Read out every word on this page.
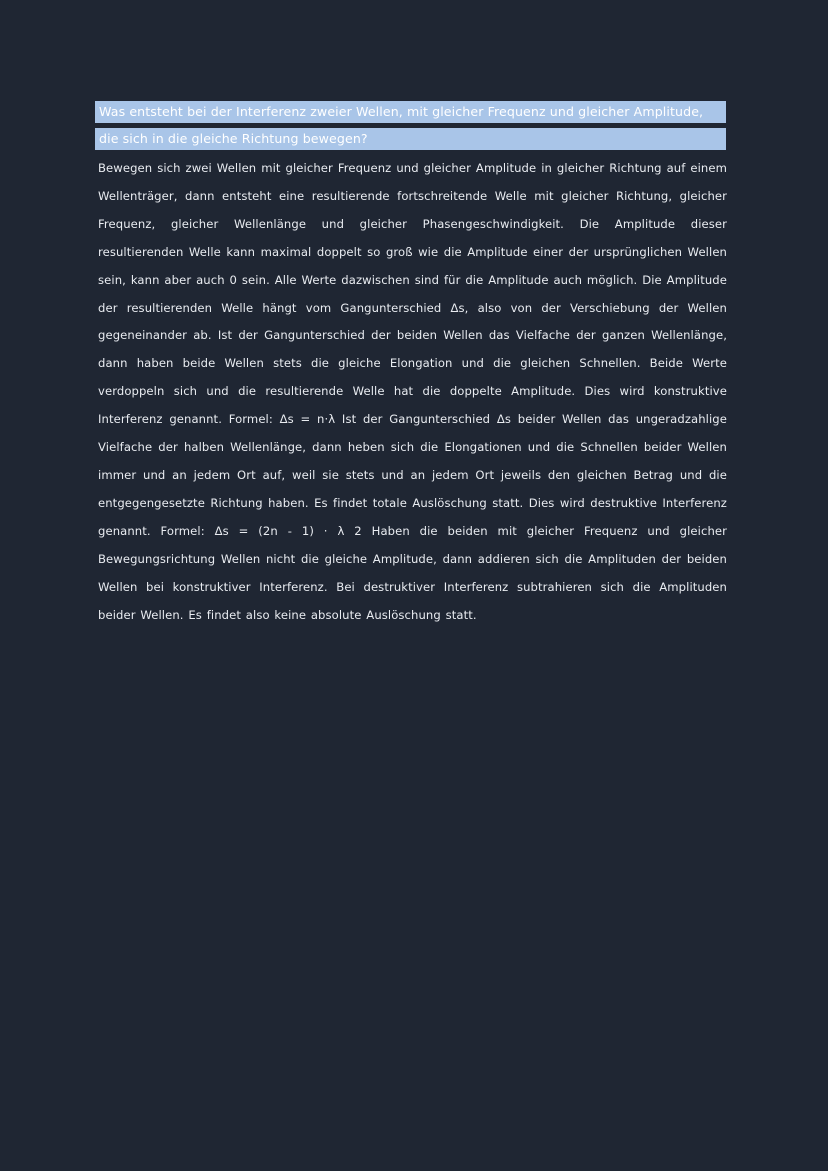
Was entsteht bei der Interferenz zweier Wellen, mit gleicher Frequenz und gleicher Amplitude,
die sich in die gleiche Richtung bewegen?
Bewegen sich zwei Wellen mit gleicher Frequenz und gleicher Amplitude in gleicher Richtung auf einem Wellenträger, dann entsteht eine resultierende fortschreitende Welle mit gleicher Richtung, gleicher Frequenz, gleicher Wellenlänge und gleicher Phasengeschwindigkeit. Die Amplitude dieser resultierenden Welle kann maximal doppelt so groß wie die Amplitude einer der ursprünglichen Wellen sein, kann aber auch 0 sein. Alle Werte dazwischen sind für die Amplitude auch möglich. Die Amplitude der resultierenden Welle hängt vom Gangunterschied Δs, also von der Verschiebung der Wellen gegeneinander ab. Ist der Gangunterschied der beiden Wellen das Vielfache der ganzen Wellenlänge, dann haben beide Wellen stets die gleiche Elongation und die gleichen Schnellen. Beide Werte verdoppeln sich und die resultierende Welle hat die doppelte Amplitude. Dies wird konstruktive Interferenz genannt. Formel: Δs = n·λ Ist der Gangunterschied Δs beider Wellen das ungeradzahlige Vielfache der halben Wellenlänge, dann heben sich die Elongationen und die Schnellen beider Wellen immer und an jedem Ort auf, weil sie stets und an jedem Ort jeweils den gleichen Betrag und die entgegengesetzte Richtung haben. Es findet totale Auslöschung statt. Dies wird destruktive Interferenz genannt. Formel: Δs = (2n - 1) · λ 2 Haben die beiden mit gleicher Frequenz und gleicher Bewegungsrichtung Wellen nicht die gleiche Amplitude, dann addieren sich die Amplituden der beiden Wellen bei konstruktiver Interferenz. Bei destruktiver Interferenz subtrahieren sich die Amplituden beider Wellen. Es findet also keine absolute Auslöschung statt.
